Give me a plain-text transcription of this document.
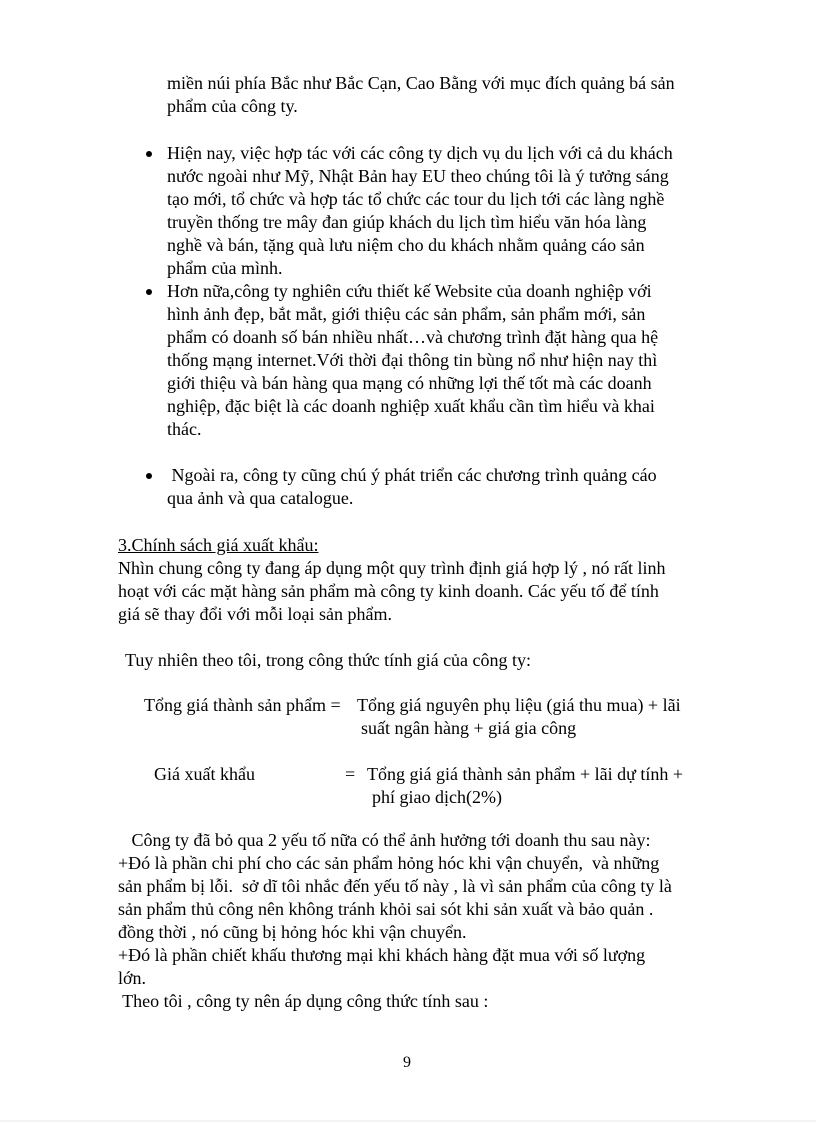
miền núi phía Bắc như Bắc Cạn, Cao Bằng với mục đích quảng bá sản
phẩm của công ty.
Hiện nay, việc hợp tác với các công ty dịch vụ du lịch với cả du khách
nước ngoài như Mỹ, Nhật Bản hay EU theo chúng tôi là ý tưởng sáng
tạo mới, tổ chức và hợp tác tổ chức các tour du lịch tới các làng nghề
truyền thống tre mây đan giúp khách du lịch tìm hiểu văn hóa làng
nghề và bán, tặng quà lưu niệm cho du khách nhằm quảng cáo sản
phẩm của mình.
Hơn nữa,công ty nghiên cứu thiết kế Website của doanh nghiệp với
hình ảnh đẹp, bắt mắt, giới thiệu các sản phẩm, sản phẩm mới, sản
phẩm có doanh số bán nhiều nhất…và chương trình đặt hàng qua hệ
thống mạng internet.Với thời đại thông tin bùng nổ như hiện nay thì
giới thiệu và bán hàng qua mạng có những lợi thế tốt mà các doanh
nghiệp, đặc biệt là các doanh nghiệp xuất khẩu cần tìm hiểu và khai
thác.
Ngoài ra, công ty cũng chú ý phát triển các chương trình quảng cáo
qua ảnh và qua catalogue.
3.Chính sách giá xuất khẩu:
Nhìn chung công ty đang áp dụng một quy trình định giá hợp lý , nó rất linh
hoạt với các mặt hàng sản phẩm mà công ty kinh doanh. Các yếu tố để tính
giá sẽ thay đổi với mỗi loại sản phẩm.
Tuy nhiên theo tôi, trong công thức tính giá của công ty:
Tổng giá thành sản phẩm = Tổng giá nguyên phụ liệu (giá thu mua) + lãi
suất ngân hàng + giá gia công
Giá xuất khẩu	= Tổng giá giá thành sản phẩm + lãi dự tính +
phí giao dịch(2%)
Công ty đã bỏ qua 2 yếu tố nữa có thể ảnh hưởng tới doanh thu sau này:
+Đó là phần chi phí cho các sản phẩm hỏng hóc khi vận chuyển,  và những
sản phẩm bị lỗi.  sở dĩ tôi nhắc đến yếu tố này , là vì sản phẩm của công ty là
sản phẩm thủ công nên không tránh khỏi sai sót khi sản xuất và bảo quản .
đồng thời , nó cũng bị hỏng hóc khi vận chuyển.
+Đó là phần chiết khấu thương mại khi khách hàng đặt mua với số lượng
lớn.
Theo tôi , công ty nên áp dụng công thức tính sau :
9
